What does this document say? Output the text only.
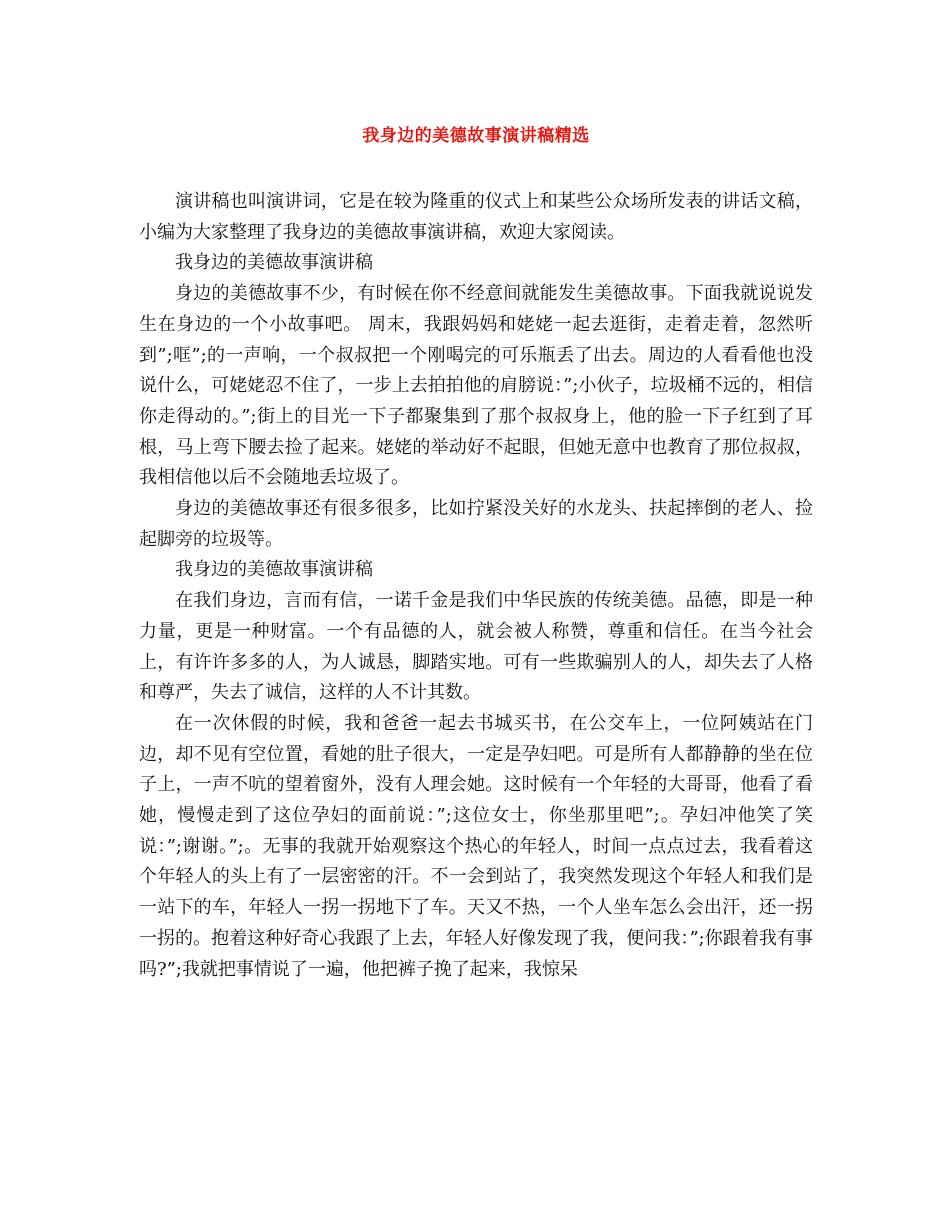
我身边的美德故事演讲稿精选

演讲稿也叫演讲词，它是在较为隆重的仪式上和某些公众场所发表的讲话文稿，小编为大家整理了我身边的美德故事演讲稿，欢迎大家阅读。

我身边的美德故事演讲稿

身边的美德故事不少，有时候在你不经意间就能发生美德故事。下面我就说说发生在身边的一个小故事吧。 周末，我跟妈妈和姥姥一起去逛街，走着走着，忽然听到”;哐”;的一声响，一个叔叔把一个刚喝完的可乐瓶丢了出去。周边的人看看他也没说什么，可姥姥忍不住了，一步上去拍拍他的肩膀说：”;小伙子，垃圾桶不远的，相信你走得动的。”;街上的目光一下子都聚集到了那个叔叔身上，他的脸一下子红到了耳根，马上弯下腰去捡了起来。姥姥的举动好不起眼，但她无意中也教育了那位叔叔，我相信他以后不会随地丢垃圾了。

身边的美德故事还有很多很多，比如拧紧没关好的水龙头、扶起摔倒的老人、捡起脚旁的垃圾等。

我身边的美德故事演讲稿

在我们身边，言而有信，一诺千金是我们中华民族的传统美德。品德，即是一种力量，更是一种财富。一个有品德的人，就会被人称赞，尊重和信任。在当今社会上，有许许多多的人，为人诚恳，脚踏实地。可有一些欺骗别人的人，却失去了人格和尊严，失去了诚信，这样的人不计其数。

在一次休假的时候，我和爸爸一起去书城买书，在公交车上，一位阿姨站在门边，却不见有空位置，看她的肚子很大，一定是孕妇吧。可是所有人都静静的坐在位子上，一声不吭的望着窗外，没有人理会她。这时候有一个年轻的大哥哥，他看了看她，慢慢走到了这位孕妇的面前说：”;这位女士，你坐那里吧”;。孕妇冲他笑了笑说：”;谢谢。”;。无事的我就开始观察这个热心的年轻人，时间一点点过去，我看着这个年轻人的头上有了一层密密的汗。不一会到站了，我突然发现这个年轻人和我们是一站下的车，年轻人一拐一拐地下了车。天又不热，一个人坐车怎么会出汗，还一拐一拐的。抱着这种好奇心我跟了上去，年轻人好像发现了我，便问我：”;你跟着我有事吗?”;我就把事情说了一遍，他把裤子挽了起来，我惊呆
